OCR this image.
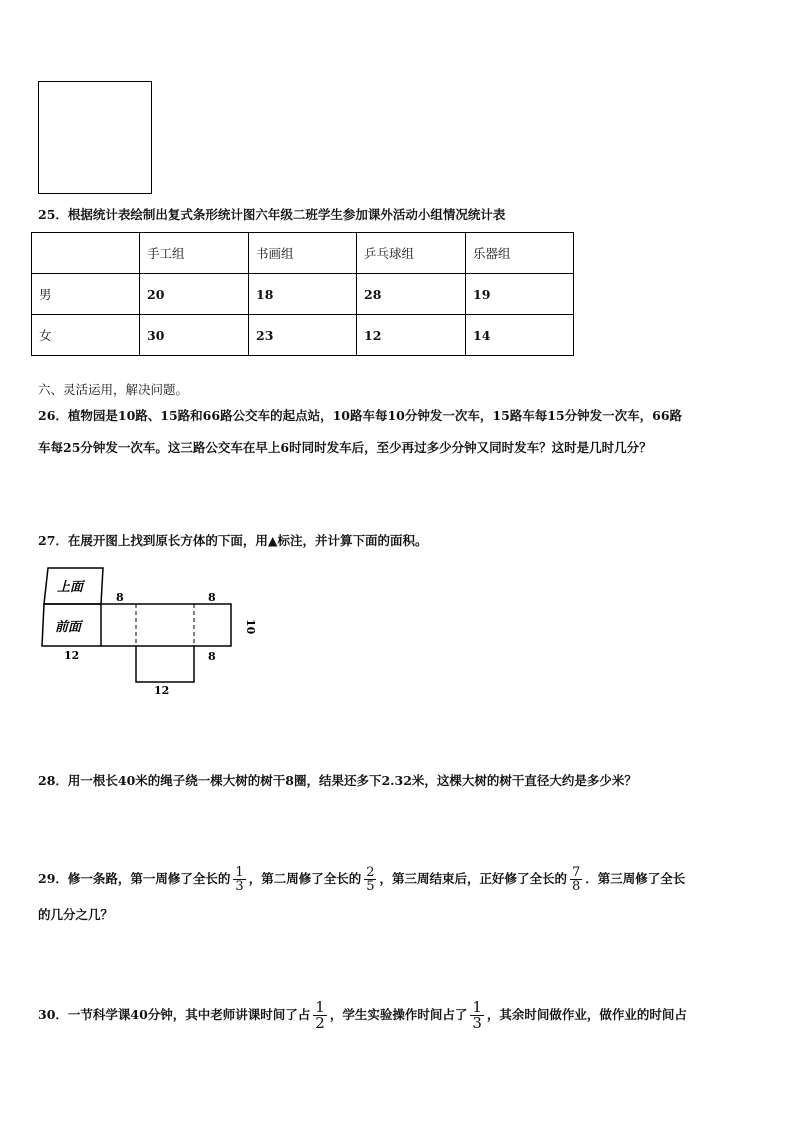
25．根据统计表绘制出复式条形统计图六年级二班学生参加课外活动小组情况统计表
	手工组	书画组	乒乓球组	乐器组
男	20	18	28	19
女	30	23	12	14
六、灵活运用，解决问题。
26．植物园是10路、15路和66路公交车的起点站，10路车每10分钟发一次车，15路车每15分钟发一次车，66路
车每25分钟发一次车。这三路公交车在早上6时同时发车后，至少再过多少分钟又同时发车？这时是几时几分？
27．在展开图上找到原长方体的下面，用▲标注，并计算下面的面积。
上面
前面
8	8
10
12	8
12
28．用一根长40米的绳子绕一棵大树的树干8圈，结果还多下2.32米，这棵大树的树干直径大约是多少米？
29．修一条路，第一周修了全长的 $\frac{1}{3}$ ，第二周修了全长的 $\frac{2}{5}$ ，第三周结束后，正好修了全长的 $\frac{7}{8}$ ．第三周修了全长
的几分之几？
30．一节科学课40分钟，其中老师讲课时间了占 $\frac{1}{2}$ ，学生实验操作时间占了 $\frac{1}{3}$ ，其余时间做作业，做作业的时间占
